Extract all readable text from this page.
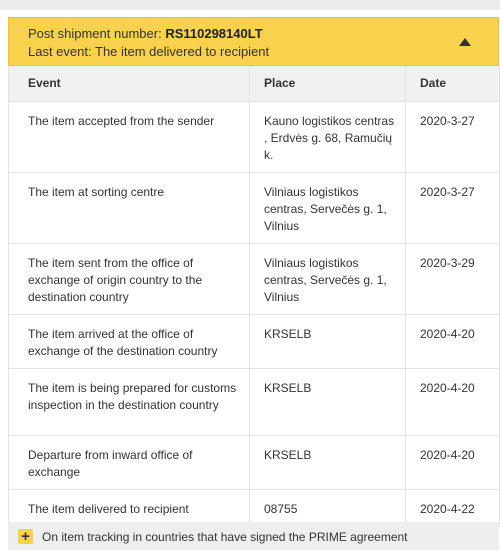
Post shipment number: RS110298140LT
Last event: The item delivered to recipient
Event	Place	Date
The item accepted from the sender	Kauno logistikos centras , Erdvės g. 68, Ramučių k.	2020-3-27
The item at sorting centre	Vilniaus logistikos centras, Servečės g. 1, Vilnius	2020-3-27
The item sent from the office of exchange of origin country to the destination country	Vilniaus logistikos centras, Servečės g. 1, Vilnius	2020-3-29
The item arrived at the office of exchange of the destination country	KRSELB	2020-4-20
The item is being prepared for customs inspection in the destination country	KRSELB	2020-4-20
Departure from inward office of exchange	KRSELB	2020-4-20
The item delivered to recipient	08755	2020-4-22
+ On item tracking in countries that have signed the PRIME agreement
